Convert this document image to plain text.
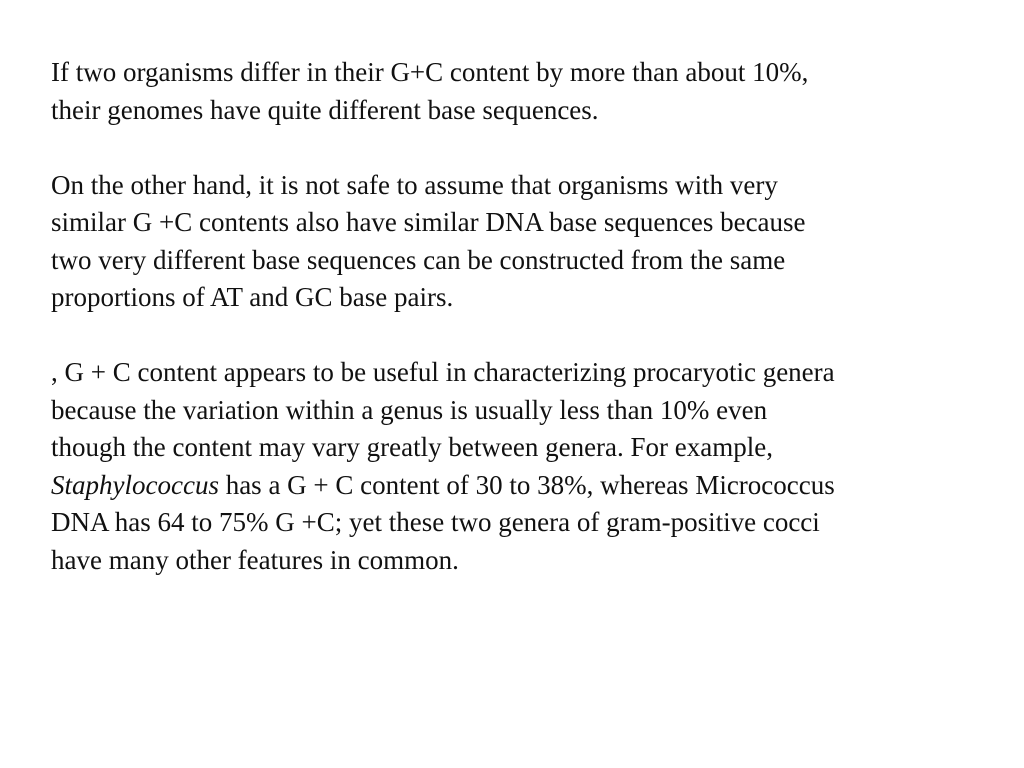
If two organisms differ in their G+C content by more than about 10%,
their genomes have quite different base sequences.

On the other hand, it is not safe to assume that organisms with very
similar G +C contents also have similar DNA base sequences because
two very different base sequences can be constructed from the same
proportions of AT and GC base pairs.

, G + C content appears to be useful in characterizing procaryotic genera
because the variation within a genus is usually less than 10% even
though the content may vary greatly between genera. For example,
Staphylococcus has a G + C content of 30 to 38%, whereas Micrococcus
DNA has 64 to 75% G +C; yet these two genera of gram-positive cocci
have many other features in common.
